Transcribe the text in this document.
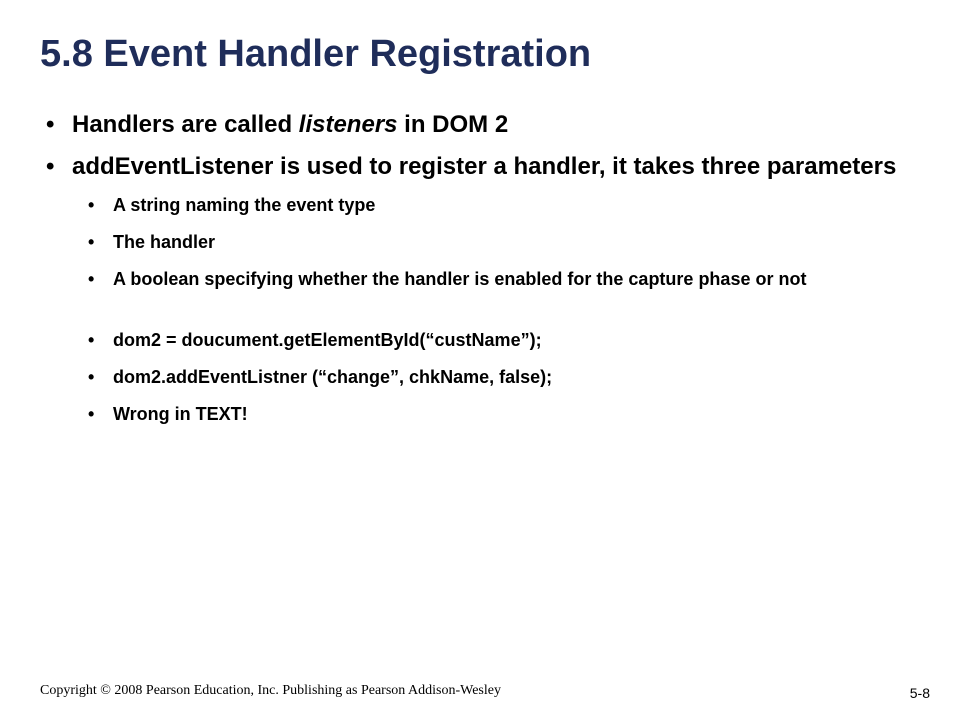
5.8 Event Handler Registration
• Handlers are called listeners in DOM 2
• addEventListener is used to register a handler, it takes three parameters
• A string naming the event type
• The handler
• A boolean specifying whether the handler is enabled for the capture phase or not
• dom2 = doucument.getElementById(“custName”);
• dom2.addEventListner (“change”, chkName, false);
• Wrong in TEXT!
Copyright © 2008 Pearson Education, Inc. Publishing as Pearson Addison-Wesley	5-8
